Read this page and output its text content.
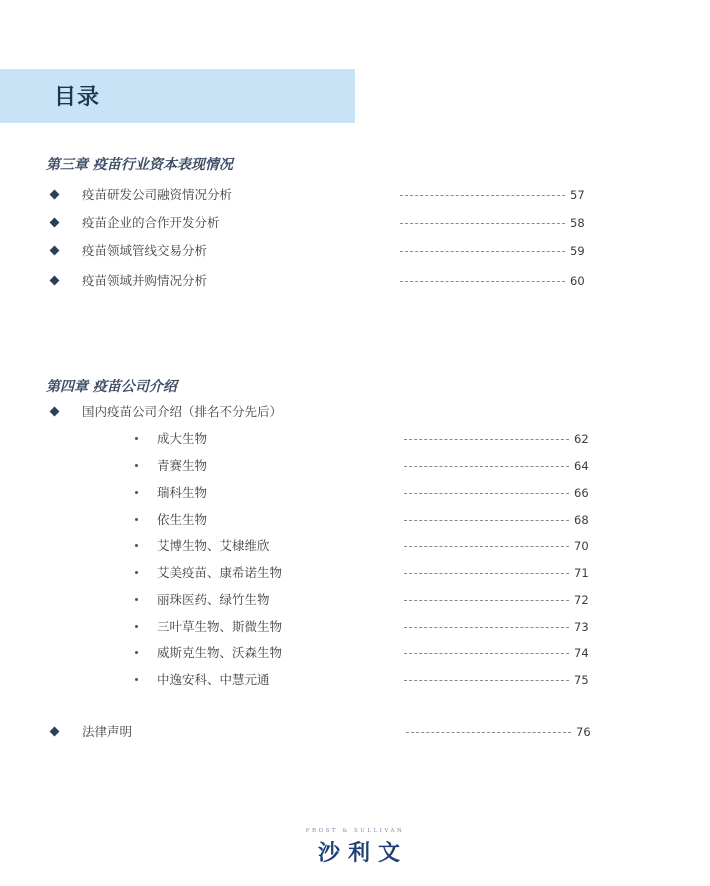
目录
第三章 疫苗行业资本表现情况
疫苗研发公司融资情况分析	57
疫苗企业的合作开发分析	58
疫苗领域管线交易分析	59
疫苗领域并购情况分析	60
第四章 疫苗公司介绍
国内疫苗公司介绍（排名不分先后）
成大生物	62
青赛生物	64
瑞科生物	66
依生生物	68
艾博生物、艾棣维欣	70
艾美疫苗、康希诺生物	71
丽珠医药、绿竹生物	72
三叶草生物、斯微生物	73
威斯克生物、沃森生物	74
中逸安科、中慧元通	75
法律声明	76
FROST & SULLIVAN
沙利文
